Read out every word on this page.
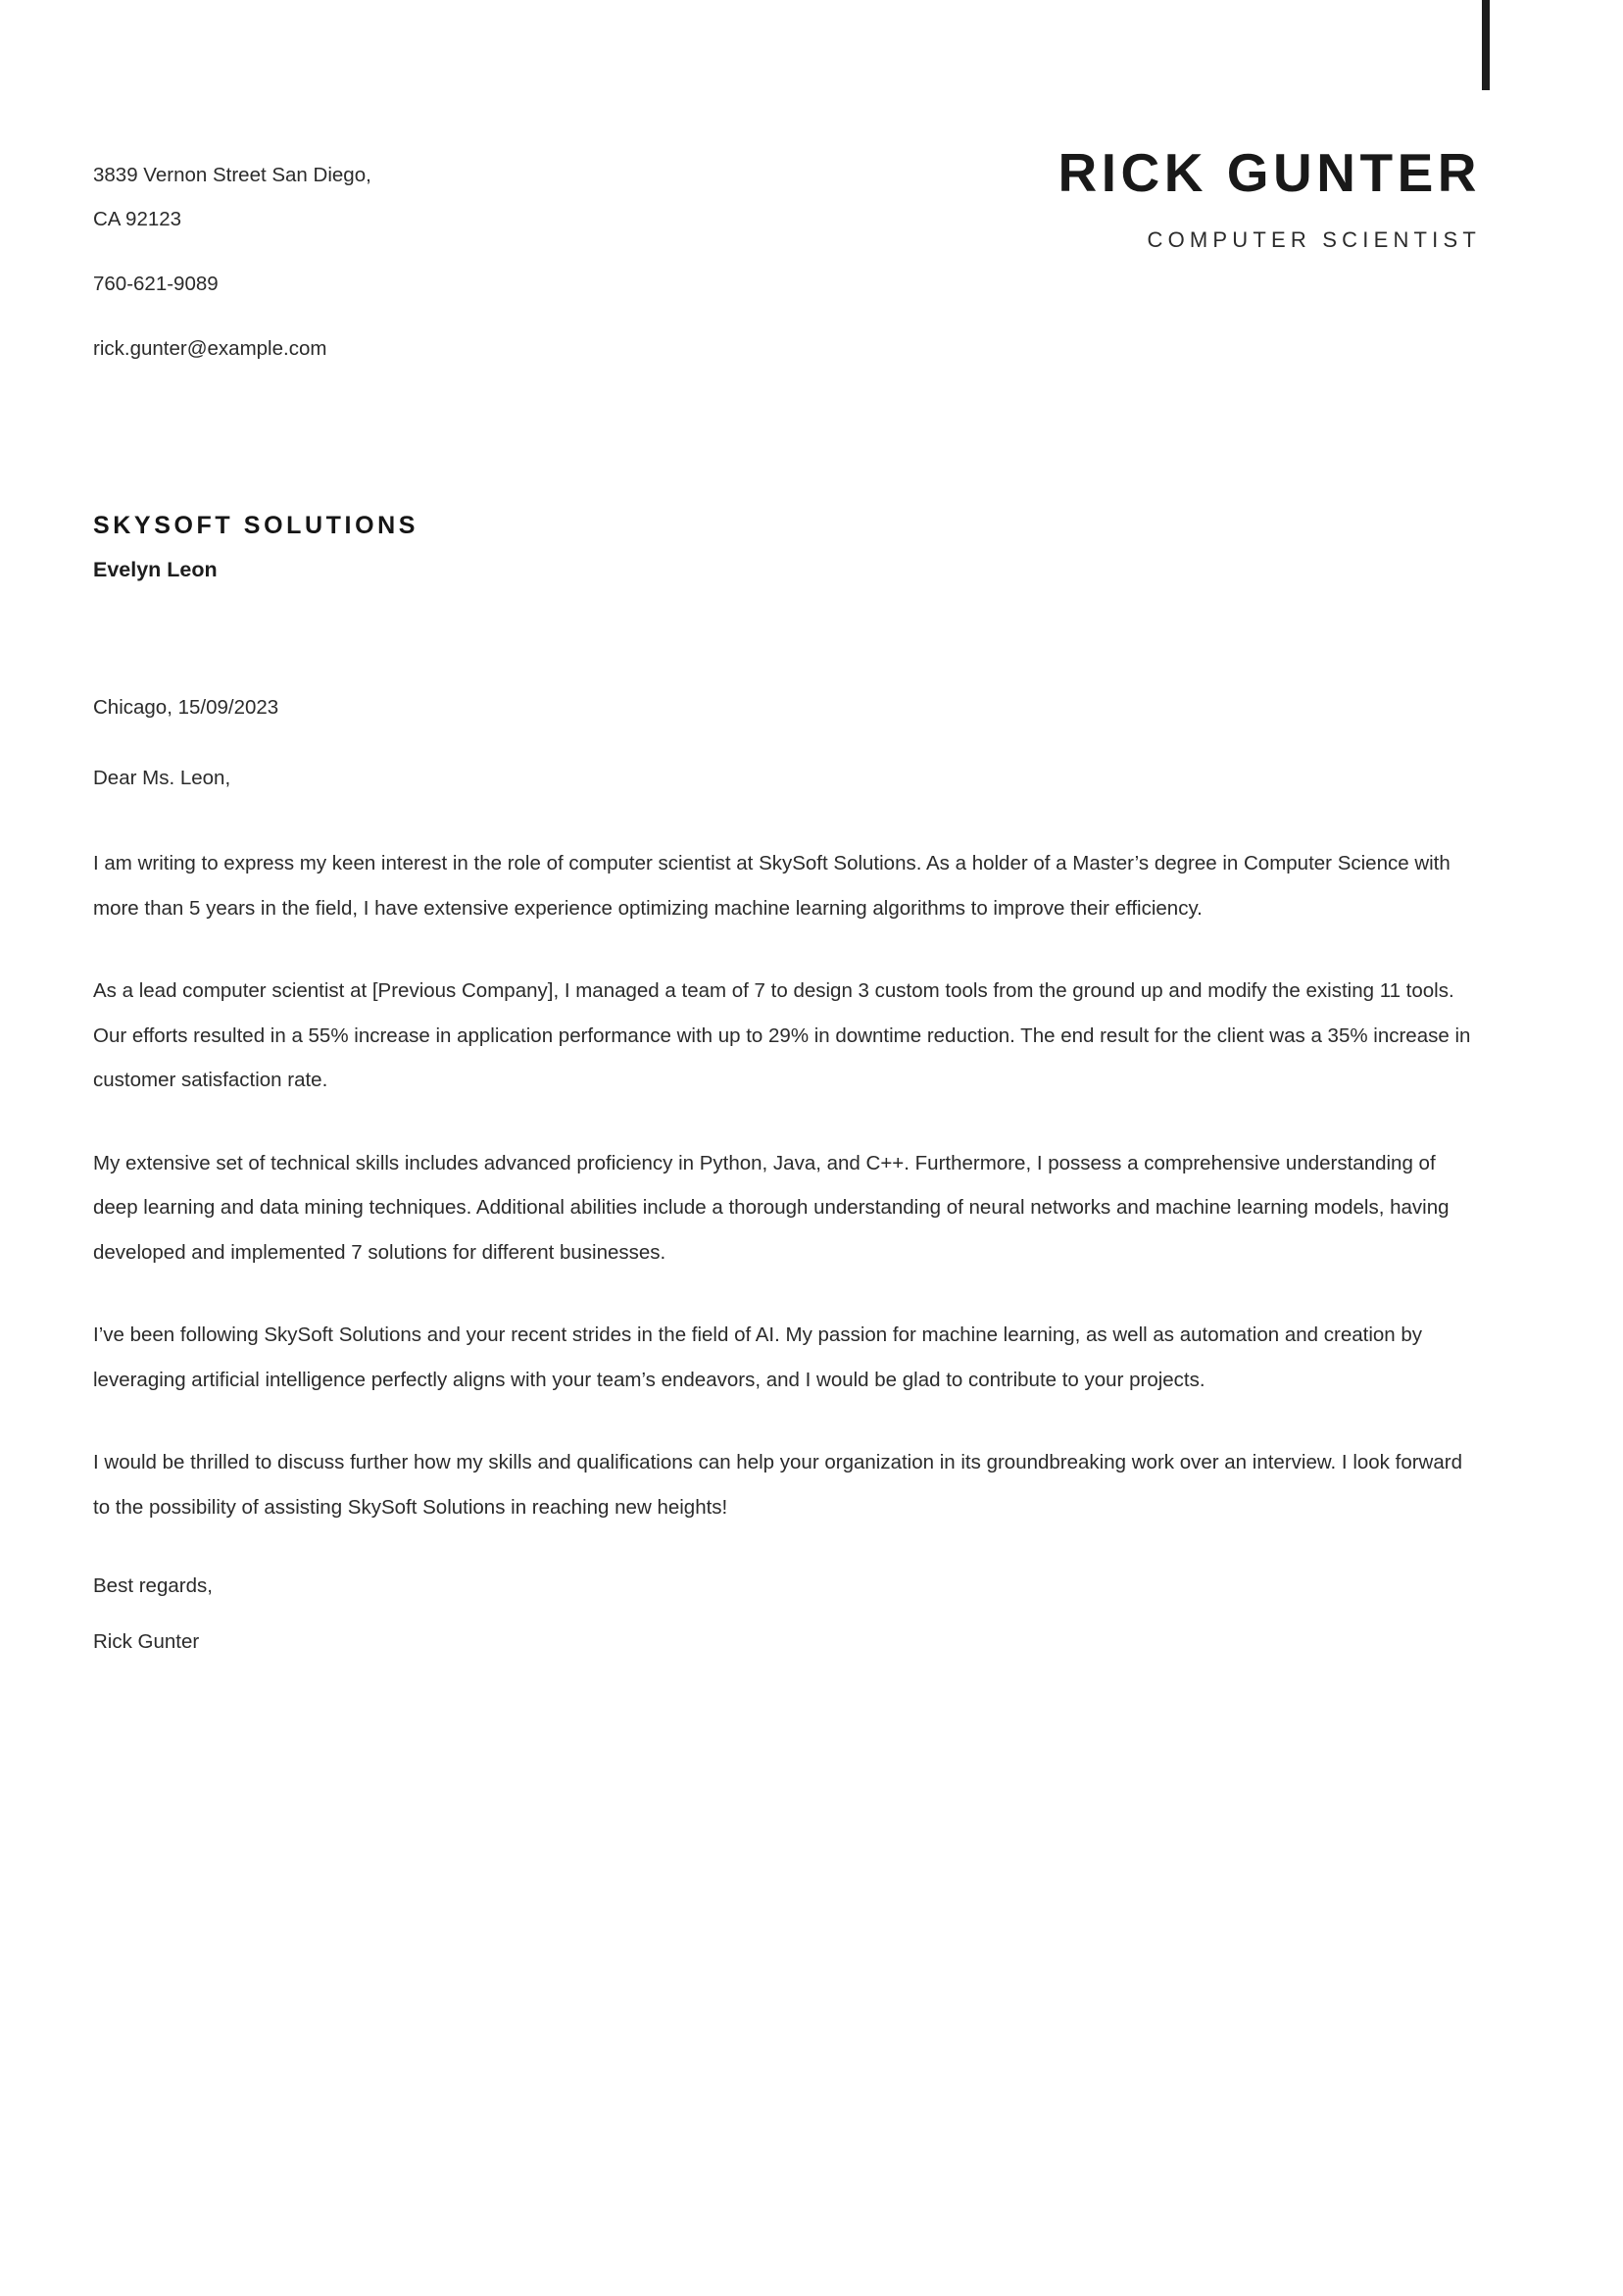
3839 Vernon Street San Diego,
CA 92123
760-621-9089
rick.gunter@example.com
RICK GUNTER
COMPUTER SCIENTIST
SKYSOFT SOLUTIONS
Evelyn Leon
Chicago, 15/09/2023
Dear Ms. Leon,

I am writing to express my keen interest in the role of computer scientist at SkySoft Solutions. As a holder of a Master’s degree in Computer Science with more than 5 years in the field, I have extensive experience optimizing machine learning algorithms to improve their efficiency.

As a lead computer scientist at [Previous Company], I managed a team of 7 to design 3 custom tools from the ground up and modify the existing 11 tools. Our efforts resulted in a 55% increase in application performance with up to 29% in downtime reduction. The end result for the client was a 35% increase in customer satisfaction rate.

My extensive set of technical skills includes advanced proficiency in Python, Java, and C++. Furthermore, I possess a comprehensive understanding of deep learning and data mining techniques. Additional abilities include a thorough understanding of neural networks and machine learning models, having developed and implemented 7 solutions for different businesses.

I’ve been following SkySoft Solutions and your recent strides in the field of AI. My passion for machine learning, as well as automation and creation by leveraging artificial intelligence perfectly aligns with your team’s endeavors, and I would be glad to contribute to your projects.

I would be thrilled to discuss further how my skills and qualifications can help your organization in its groundbreaking work over an interview. I look forward to the possibility of assisting SkySoft Solutions in reaching new heights!

Best regards,
Rick Gunter
